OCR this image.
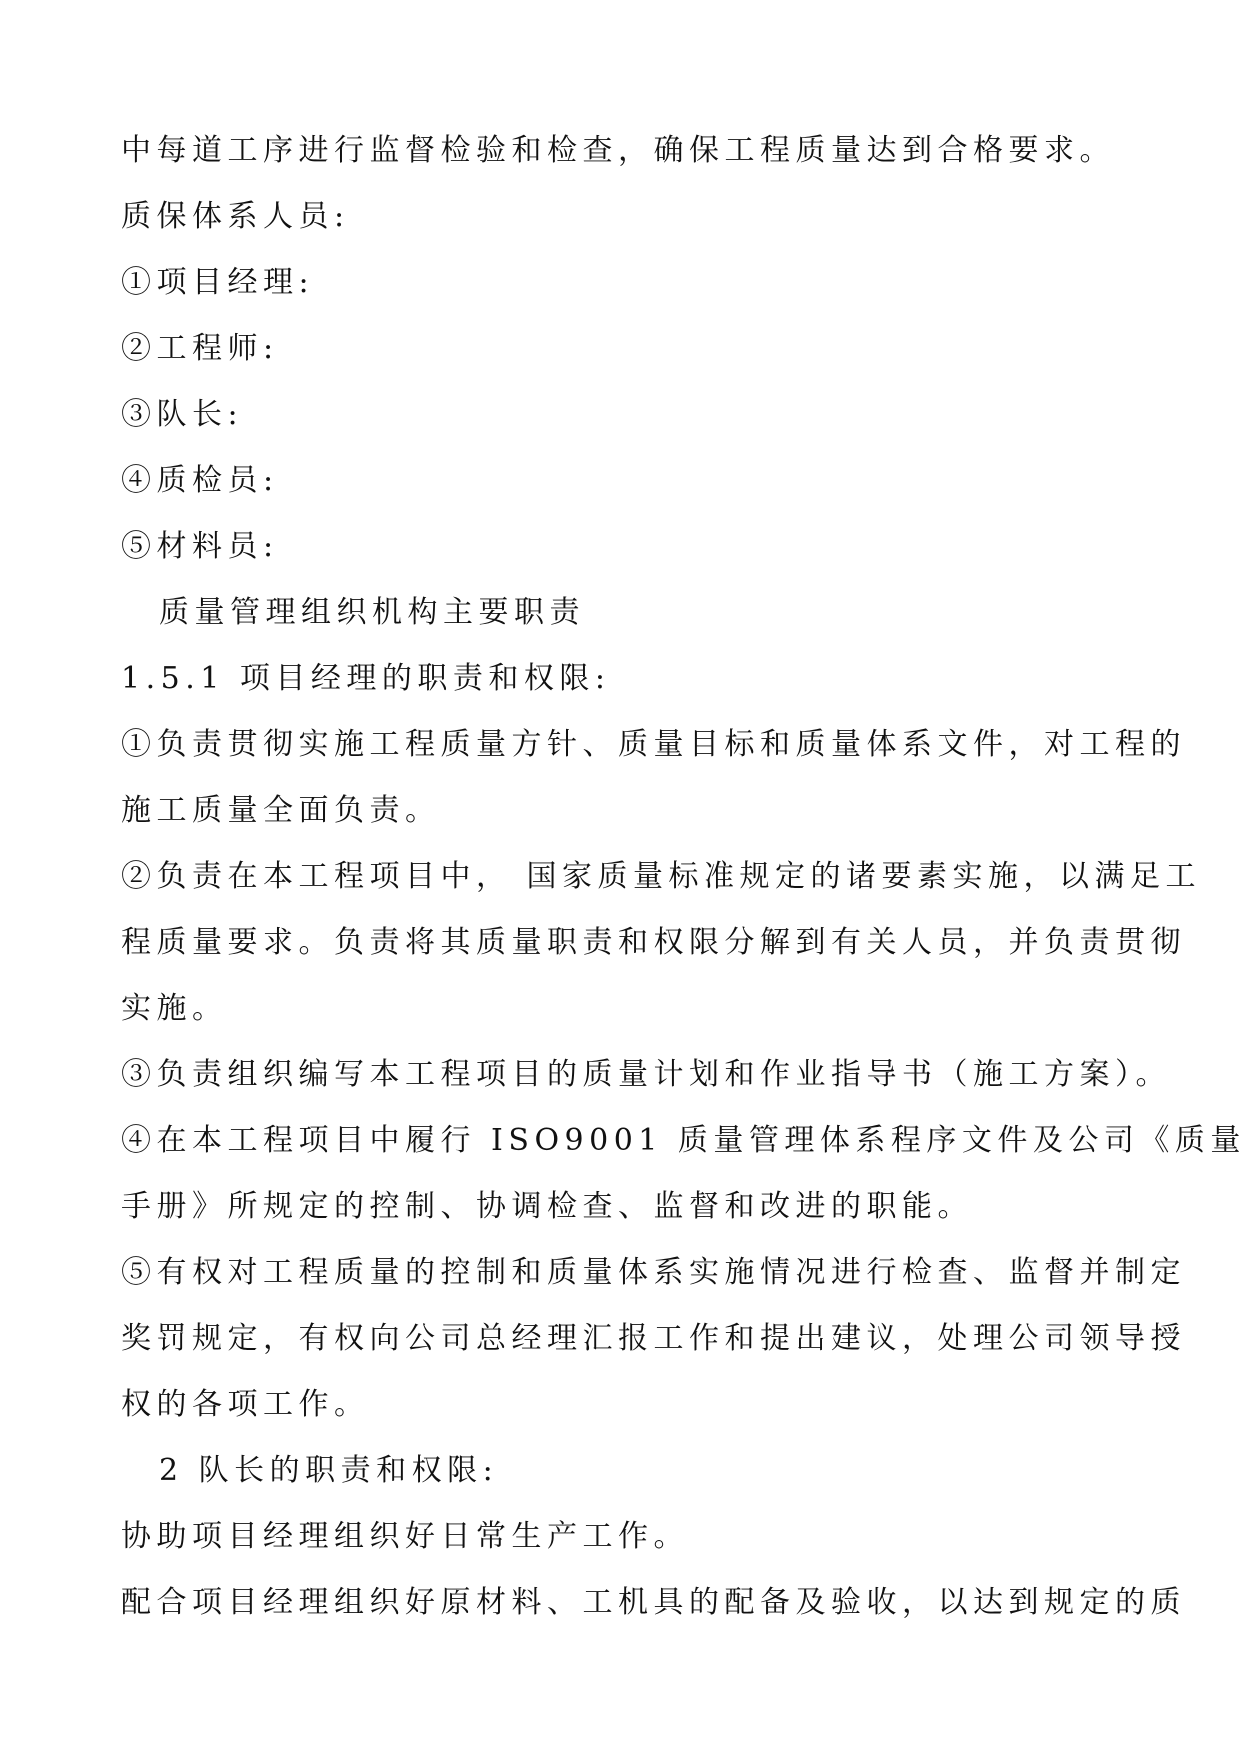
中每道工序进行监督检验和检查，确保工程质量达到合格要求。
质保体系人员:
①项目经理:
②工程师:
③队长:
④质检员:
⑤材料员:
质量管理组织机构主要职责
1.5.1 项目经理的职责和权限:
①负责贯彻实施工程质量方针、质量目标和质量体系文件，对工程的
施工质量全面负责。
②负责在本工程项目中， 国家质量标准规定的诸要素实施，以满足工
程质量要求。负责将其质量职责和权限分解到有关人员，并负责贯彻
实施。
③负责组织编写本工程项目的质量计划和作业指导书（施工方案）。
④在本工程项目中履行 ISO9001 质量管理体系程序文件及公司《质量
手册》所规定的控制、协调检查、监督和改进的职能。
⑤有权对工程质量的控制和质量体系实施情况进行检查、监督并制定
奖罚规定，有权向公司总经理汇报工作和提出建议，处理公司领导授
权的各项工作。
2 队长的职责和权限:
协助项目经理组织好日常生产工作。
配合项目经理组织好原材料、工机具的配备及验收，以达到规定的质
